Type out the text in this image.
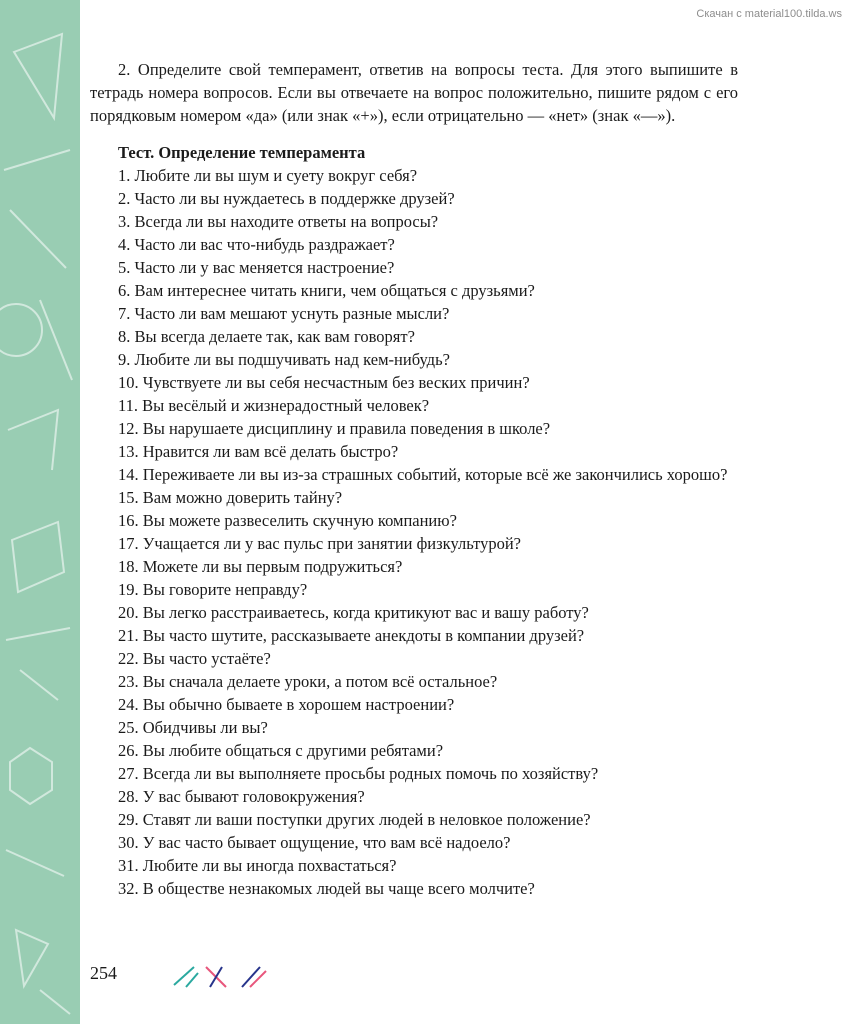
Скачан с material100.tilda.ws

2. Определите свой темперамент, ответив на вопросы теста. Для этого выпишите в тетрадь номера вопросов. Если вы отвечаете на вопрос положительно, пишите рядом с его порядковым номером «да» (или знак «+»), если отрицательно — «нет» (знак «—»).

Тест. Определение темперамента

1. Любите ли вы шум и суету вокруг себя?

2. Часто ли вы нуждаетесь в поддержке друзей?

3. Всегда ли вы находите ответы на вопросы?

4. Часто ли вас что-нибудь раздражает?

5. Часто ли у вас меняется настроение?

6. Вам интереснее читать книги, чем общаться с друзьями?

7. Часто ли вам мешают уснуть разные мысли?

8. Вы всегда делаете так, как вам говорят?

9. Любите ли вы подшучивать над кем-нибудь?

10. Чувствуете ли вы себя несчастным без веских причин?

11. Вы весёлый и жизнерадостный человек?

12. Вы нарушаете дисциплину и правила поведения в школе?

13. Нравится ли вам всё делать быстро?

14. Переживаете ли вы из-за страшных событий, которые всё же закончились хорошо?

15. Вам можно доверить тайну?

16. Вы можете развеселить скучную компанию?

17. Учащается ли у вас пульс при занятии физкультурой?

18. Можете ли вы первым подружиться?

19. Вы говорите неправду?

20. Вы легко расстраиваетесь, когда критикуют вас и вашу работу?

21. Вы часто шутите, рассказываете анекдоты в компании друзей?

22. Вы часто устаёте?

23. Вы сначала делаете уроки, а потом всё остальное?

24. Вы обычно бываете в хорошем настроении?

25. Обидчивы ли вы?

26. Вы любите общаться с другими ребятами?

27. Всегда ли вы выполняете просьбы родных помочь по хозяйству?

28. У вас бывают головокружения?

29. Ставят ли ваши поступки других людей в неловкое положение?

30. У вас часто бывает ощущение, что вам всё надоело?

31. Любите ли вы иногда похвастаться?

32. В обществе незнакомых людей вы чаще всего молчите?

254
